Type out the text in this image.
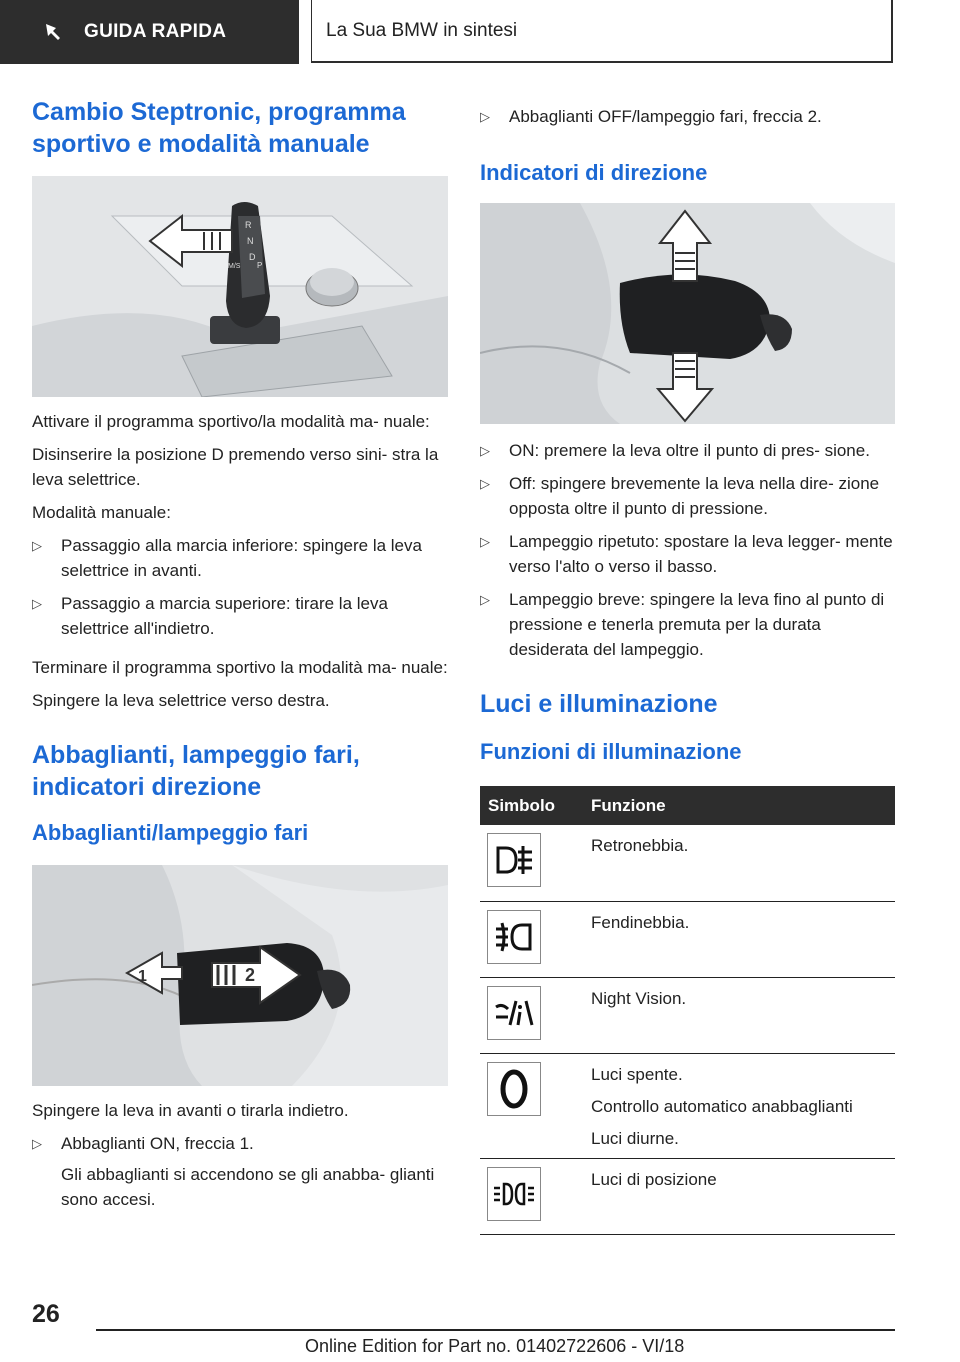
GUIDA RAPIDA	La Sua BMW in sintesi
Cambio Steptronic, programma sportivo e modalità manuale
R
N
D
M/S P

Attivare il programma sportivo/la modalità ma- nuale:

Disinserire la posizione D premendo verso sini- stra la leva selettrice.

Modalità manuale:

▷ Passaggio alla marcia inferiore: spingere la leva selettrice in avanti.
▷ Passaggio a marcia superiore: tirare la leva selettrice all'indietro.

Terminare il programma sportivo la modalità ma- nuale:

Spingere la leva selettrice verso destra.

Abbaglianti, lampeggio fari, indicatori direzione
Abbaglianti/lampeggio fari
1	2

Spingere la leva in avanti o tirarla indietro.

▷ Abbaglianti ON, freccia 1.
Gli abbaglianti si accendono se gli anabba- glianti sono accesi.
▷ Abbaglianti OFF/lampeggio fari, freccia 2.
Indicatori di direzione
▷ ON: premere la leva oltre il punto di pres- sione.
▷ Off: spingere brevemente la leva nella dire- zione opposta oltre il punto di pressione.
▷ Lampeggio ripetuto: spostare la leva legger- mente verso l'alto o verso il basso.
▷ Lampeggio breve: spingere la leva fino al punto di pressione e tenerla premuta per la durata desiderata del lampeggio.
Luci e illuminazione
Funzioni di illuminazione
Simbolo	Funzione

Retronebbia.

Fendinebbia.

Night Vision.

Luci spente.
Controllo automatico anabbaglianti
Luci diurne.

Luci di posizione
26
Online Edition for Part no. 01402722606 - VI/18
